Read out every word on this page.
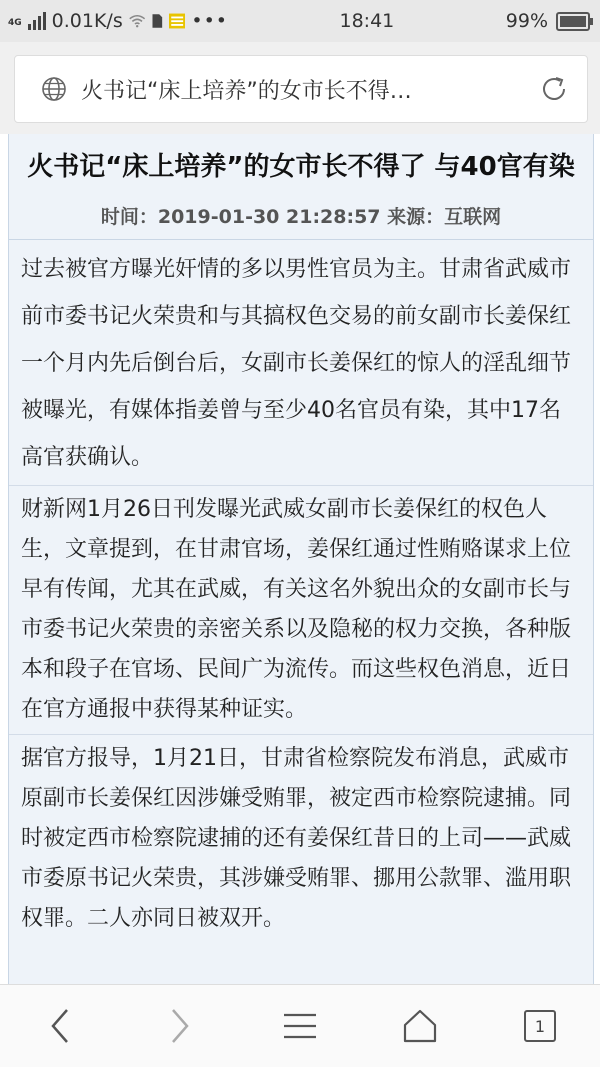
4G 0.01K/s	•••	18:41	99%
火书记“床上培养”的女市长不得…
火书记“床上培养”的女市长不得了 与40官有染
时间：2019-01-30 21:28:57 来源：互联网

过去被官方曝光奸情的多以男性官员为主。甘肃省武威市前市委书记火荣贵和与其搞权色交易的前女副市长姜保红一个月内先后倒台后，女副市长姜保红的惊人的淫乱细节被曝光，有媒体指姜曾与至少40名官员有染，其中17名高官获确认。

财新网1月26日刊发曝光武威女副市长姜保红的权色人生，文章提到，在甘肃官场，姜保红通过性贿赂谋求上位早有传闻，尤其在武威，有关这名外貌出众的女副市长与市委书记火荣贵的亲密关系以及隐秘的权力交换，各种版本和段子在官场、民间广为流传。而这些权色消息，近日在官方通报中获得某种证实。

据官方报导，1月21日，甘肃省检察院发布消息，武威市原副市长姜保红因涉嫌受贿罪，被定西市检察院逮捕。同时被定西市检察院逮捕的还有姜保红昔日的上司——武威市委原书记火荣贵，其涉嫌受贿罪、挪用公款罪、滥用职权罪。二人亦同日被双开。

1
